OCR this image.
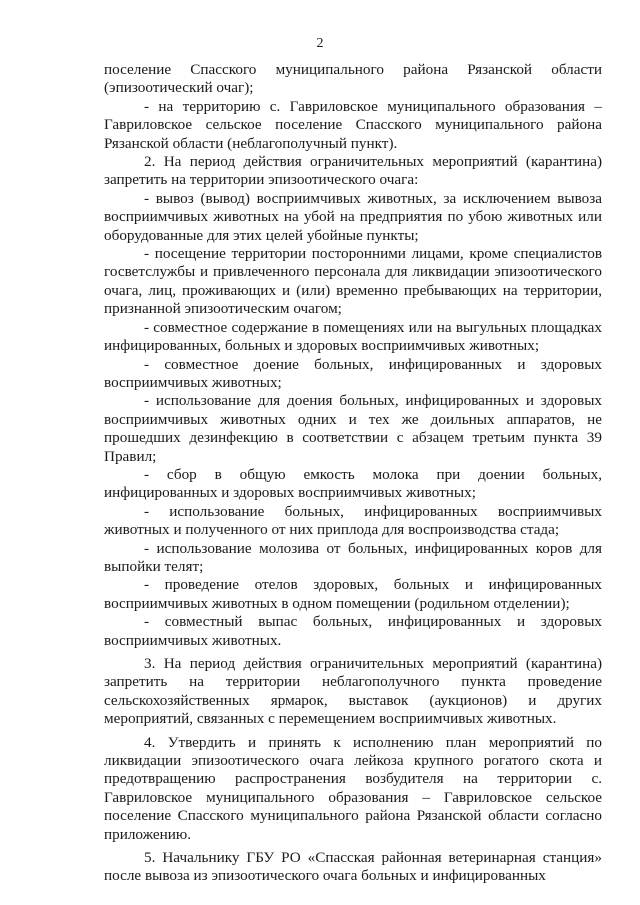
2

поселение Спасского муниципального района Рязанской области (эпизоотический очаг);

- на территорию с. Гавриловское муниципального образования – Гавриловское сельское поселение Спасского муниципального района Рязанской области (неблагополучный пункт).

2. На период действия ограничительных мероприятий (карантина) запретить на территории эпизоотического очага:

- вывоз (вывод) восприимчивых животных, за исключением вывоза восприимчивых животных на убой на предприятия по убою животных или оборудованные для этих целей убойные пункты;

- посещение территории посторонними лицами, кроме специалистов госветслужбы и привлеченного персонала для ликвидации эпизоотического очага, лиц, проживающих и (или) временно пребывающих на территории, признанной эпизоотическим очагом;

- совместное содержание в помещениях или на выгульных площадках инфицированных, больных и здоровых восприимчивых животных;

- совместное доение больных, инфицированных и здоровых восприимчивых животных;

- использование для доения больных, инфицированных и здоровых восприимчивых животных одних и тех же доильных аппаратов, не прошедших дезинфекцию в соответствии с абзацем третьим пункта 39 Правил;

- сбор в общую емкость молока при доении больных, инфицированных и здоровых восприимчивых животных;

- использование больных, инфицированных восприимчивых животных и полученного от них приплода для воспроизводства стада;

- использование молозива от больных, инфицированных коров для выпойки телят;

- проведение отелов здоровых, больных и инфицированных восприимчивых животных в одном помещении (родильном отделении);

- совместный выпас больных, инфицированных и здоровых восприимчивых животных.

3. На период действия ограничительных мероприятий (карантина) запретить на территории неблагополучного пункта проведение сельскохозяйственных ярмарок, выставок (аукционов) и других мероприятий, связанных с перемещением восприимчивых животных.

4. Утвердить и принять к исполнению план мероприятий по ликвидации эпизоотического очага лейкоза крупного рогатого скота и предотвращению распространения возбудителя на территории с. Гавриловское муниципального образования – Гавриловское сельское поселение Спасского муниципального района Рязанской области согласно приложению.

5. Начальнику ГБУ РО «Спасская районная ветеринарная станция» после вывоза из эпизоотического очага больных и инфицированных
